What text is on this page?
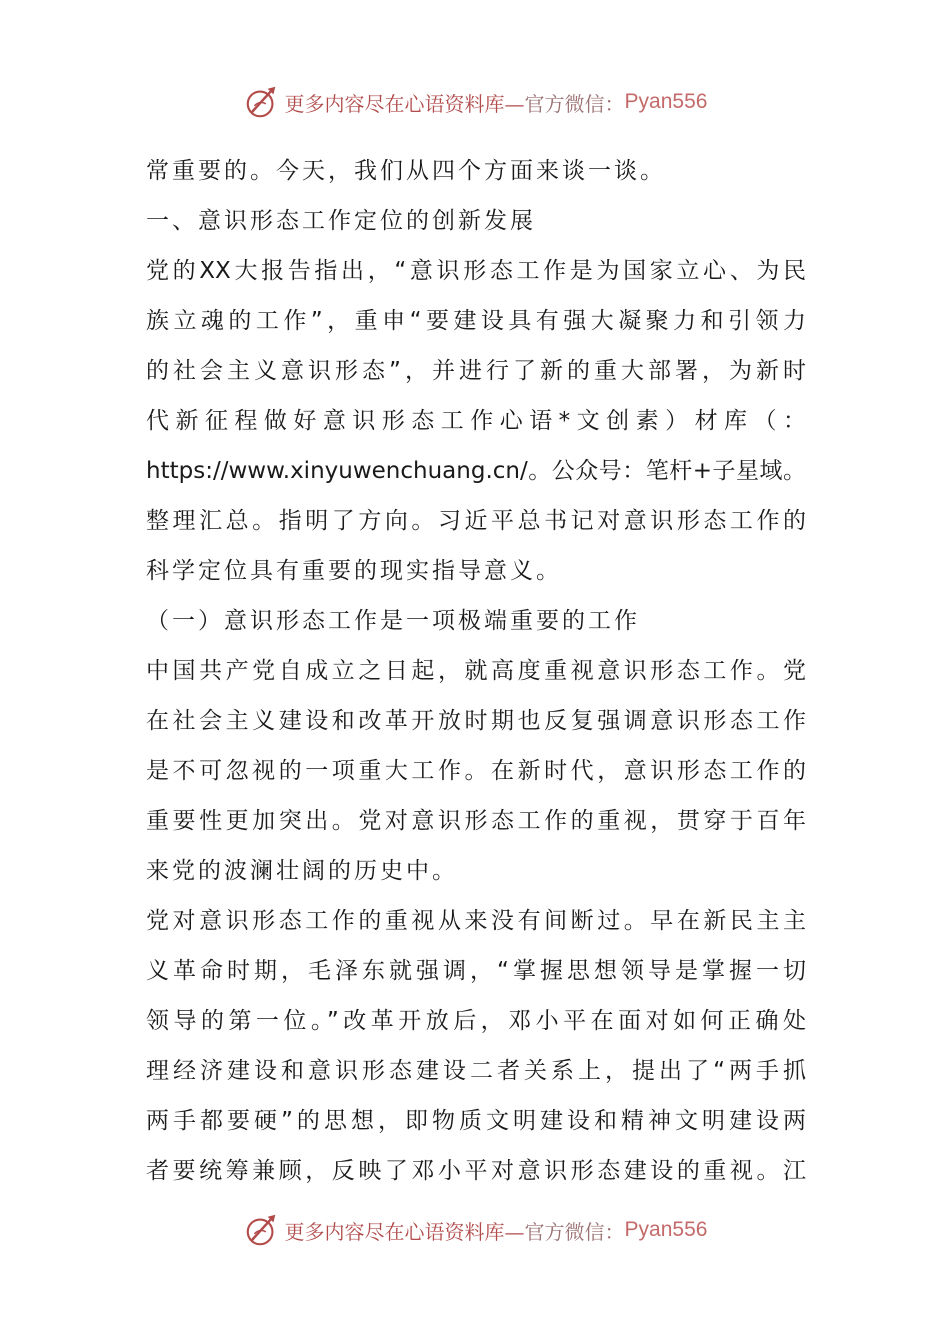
更多内容尽在心语资料库— 官方微信： Pyan556
常重要的。今天，我们从四个方面来谈一谈。
一、意识形态工作定位的创新发展
党的XX大报告指出，“意识形态工作是为国家立心、为民
族立魂的工作”，重申“要建设具有强大凝聚力和引领力
的社会主义意识形态”，并进行了新的重大部署，为新时
代新征程做好意识形态工作心语*文创素）材库（：
https://www.xinyuwenchuang.cn/。公众号：笔杆+子星域。
整理汇总。指明了方向。习近平总书记对意识形态工作的
科学定位具有重要的现实指导意义。
（一）意识形态工作是一项极端重要的工作
中国共产党自成立之日起，就高度重视意识形态工作。党
在社会主义建设和改革开放时期也反复强调意识形态工作
是不可忽视的一项重大工作。在新时代，意识形态工作的
重要性更加突出。党对意识形态工作的重视，贯穿于百年
来党的波澜壮阔的历史中。
党对意识形态工作的重视从来没有间断过。早在新民主主
义革命时期，毛泽东就强调，“掌握思想领导是掌握一切
领导的第一位。”改革开放后，邓小平在面对如何正确处
理经济建设和意识形态建设二者关系上，提出了“两手抓
两手都要硬”的思想，即物质文明建设和精神文明建设两
者要统筹兼顾，反映了邓小平对意识形态建设的重视。江
更多内容尽在心语资料库— 官方微信： Pyan556
